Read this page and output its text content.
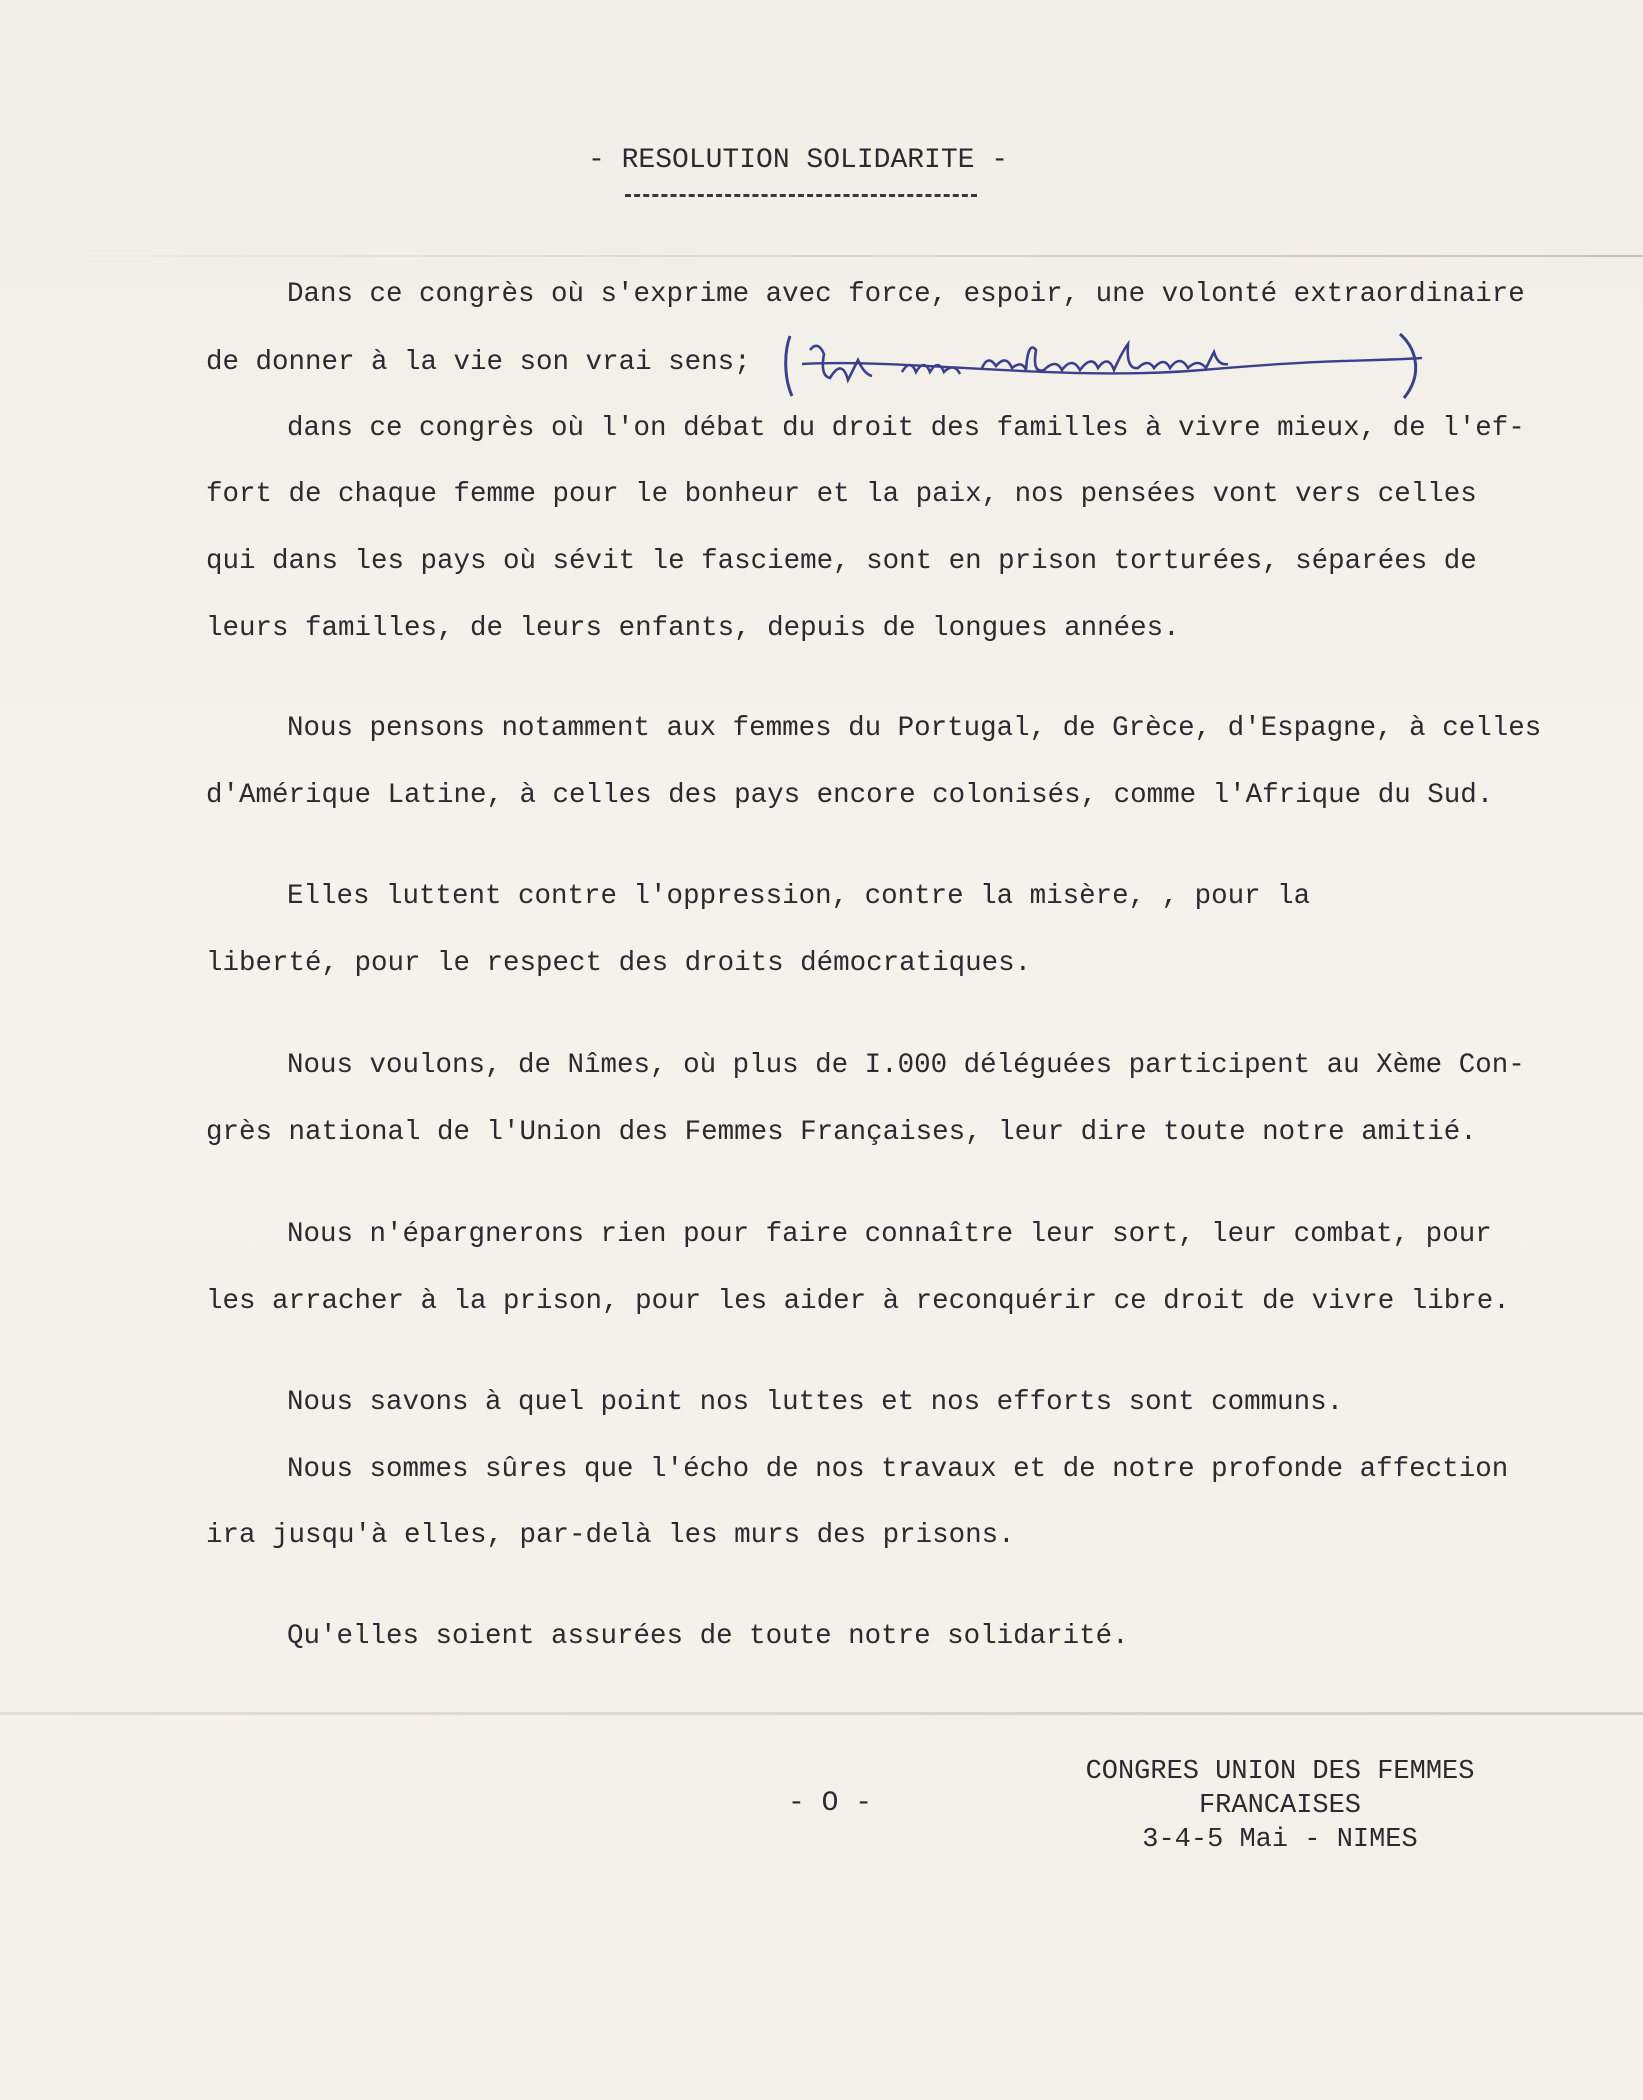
- RESOLUTION SOLIDARITE -
Dans ce congrès où s'exprime avec force, espoir, une volonté extraordinaire
de donner à la vie son vrai sens;
dans ce congrès où l'on débat du droit des familles à vivre mieux, de l'ef-
fort de chaque femme pour le bonheur et la paix, nos pensées vont vers celles
qui dans les pays où sévit le fascieme, sont en prison torturées, séparées de
leurs familles, de leurs enfants, depuis de longues années.
Nous pensons notamment aux femmes du Portugal, de Grèce, d'Espagne, à celles
d'Amérique Latine, à celles des pays encore colonisés, comme l'Afrique du Sud.
Elles luttent contre l'oppression, contre la misère, , pour la
liberté, pour le respect des droits démocratiques.
Nous voulons, de Nîmes, où plus de I.000 déléguées participent au Xème Con-
grès national de l'Union des Femmes Françaises, leur dire toute notre amitié.
Nous n'épargnerons rien pour faire connaître leur sort, leur combat, pour
les arracher à la prison, pour les aider à reconquérir ce droit de vivre libre.
Nous savons à quel point nos luttes et nos efforts sont communs.
Nous sommes sûres que l'écho de nos travaux et de notre profonde affection
ira jusqu'à elles, par-delà les murs des prisons.
Qu'elles soient assurées de toute notre solidarité.
- O -
CONGRES UNION DES FEMMES
FRANCAISES
3-4-5 Mai - NIMES
